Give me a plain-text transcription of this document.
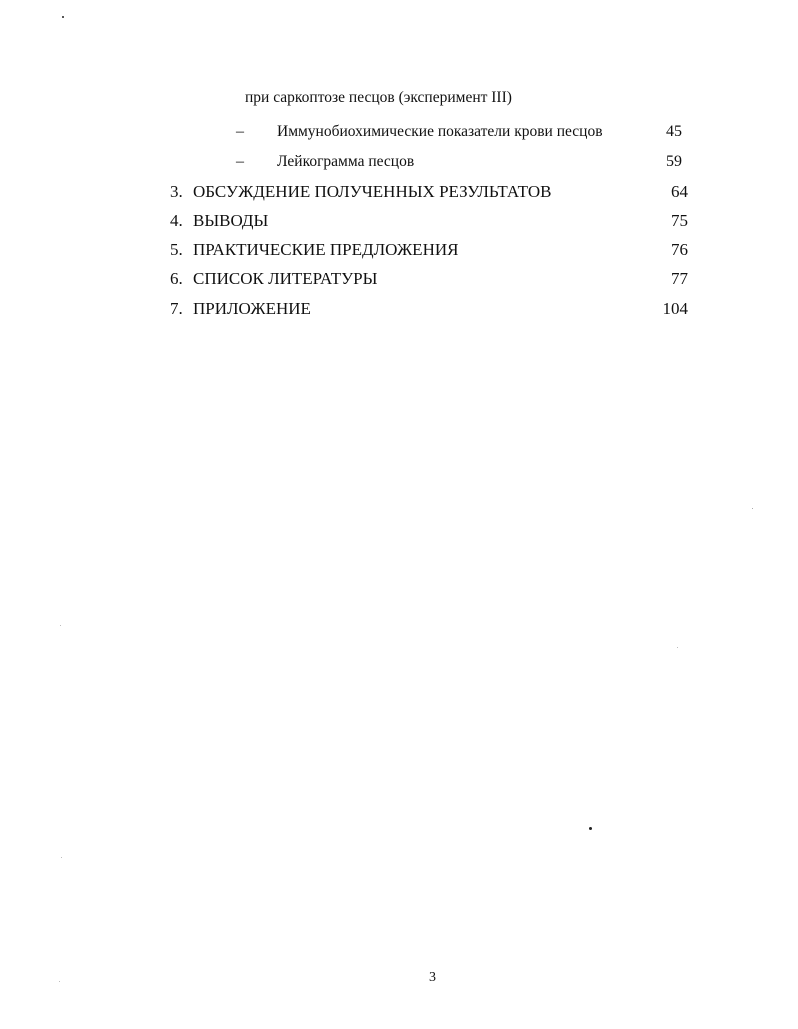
при саркоптозе песцов (эксперимент III)
– Иммунобиохимические показатели крови песцов	45
– Лейкограмма песцов	59
3. ОБСУЖДЕНИЕ ПОЛУЧЕННЫХ РЕЗУЛЬТАТОВ	64
4. ВЫВОДЫ	75
5. ПРАКТИЧЕСКИЕ ПРЕДЛОЖЕНИЯ	76
6. СПИСОК ЛИТЕРАТУРЫ	77
7. ПРИЛОЖЕНИЕ	104
3
